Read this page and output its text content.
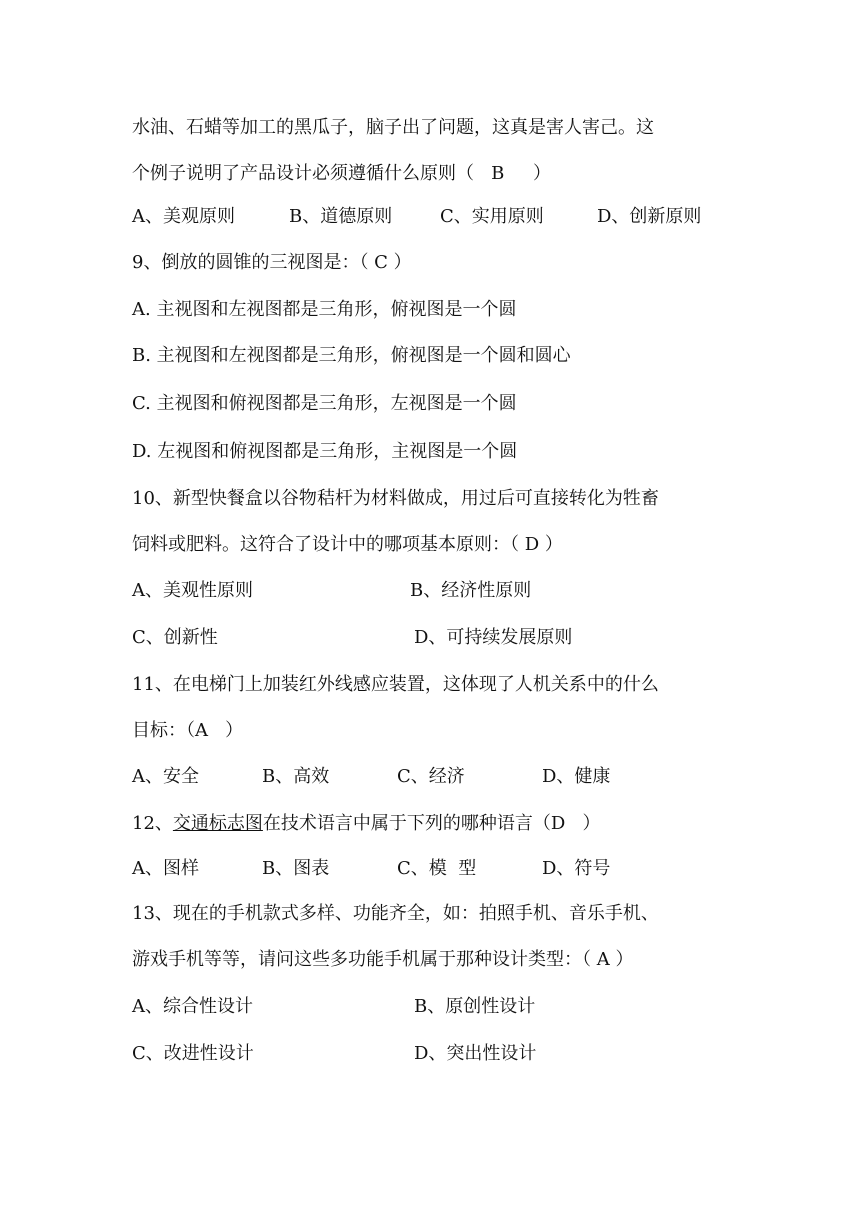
水油、石蜡等加工的黑瓜子，脑子出了问题，这真是害人害己。这

个例子说明了产品设计必须遵循什么原则（   B     ）

A、美观原则

	B、道德原则

	C、实用原则

	D、创新原则

9、倒放的圆锥的三视图是：（ C ）

A. 主视图和左视图都是三角形，俯视图是一个圆

B. 主视图和左视图都是三角形，俯视图是一个圆和圆心

C. 主视图和俯视图都是三角形，左视图是一个圆

D. 左视图和俯视图都是三角形，主视图是一个圆

10、新型快餐盒以谷物秸杆为材料做成，用过后可直接转化为牲畜

饲料或肥料。这符合了设计中的哪项基本原则：（ D ）

A、美观性原则

	B、经济性原则

C、创新性

	D、可持续发展原则

11、在电梯门上加装红外线感应装置，这体现了人机关系中的什么

目标：（A   ）

A、安全

	B、高效

	C、经济

	D、健康

12、交通标志图在技术语言中属于下列的哪种语言（D   ）

A、图样

	B、图表

	C、模  型

	D、符号

13、现在的手机款式多样、功能齐全，如：拍照手机、音乐手机、

游戏手机等等，请问这些多功能手机属于那种设计类型：（ A ）

A、综合性设计

	B、原创性设计

C、改进性设计

	D、突出性设计
